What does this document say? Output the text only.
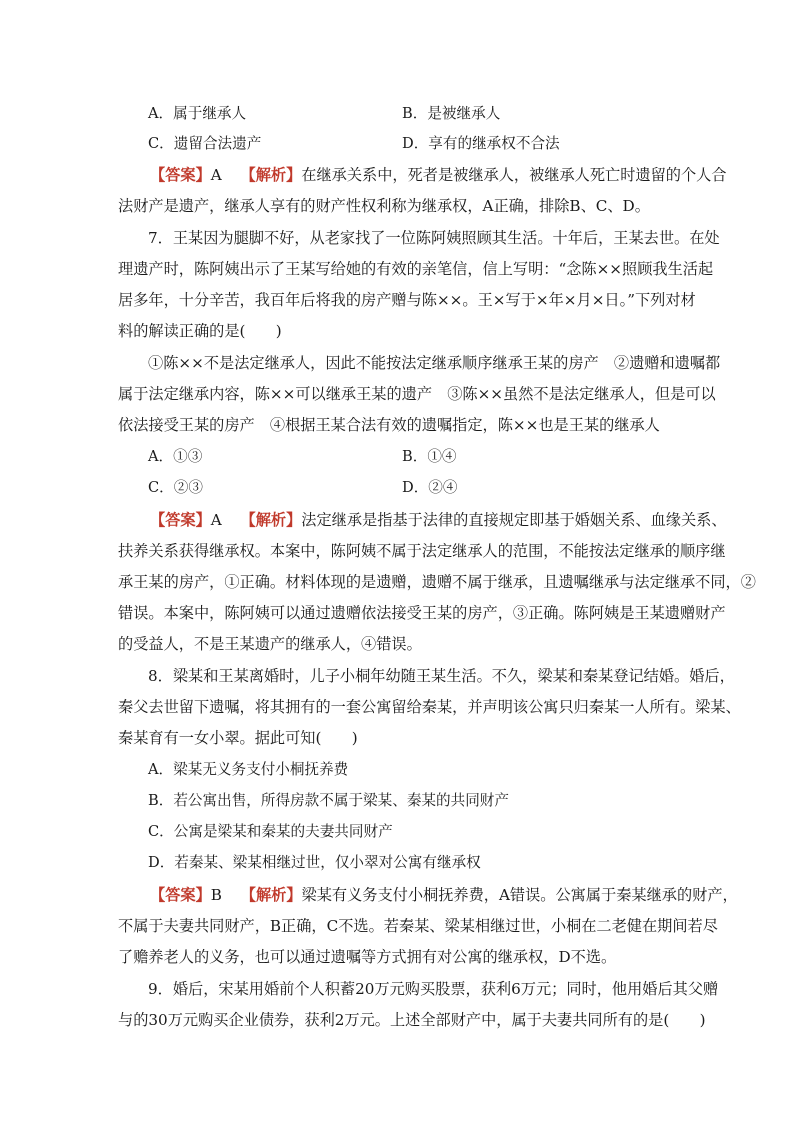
A．属于继承人	B．是被继承人
C．遗留合法遗产	D．享有的继承权不合法
【答案】A 【解析】在继承关系中，死者是被继承人，被继承人死亡时遗留的个人合
法财产是遗产，继承人享有的财产性权利称为继承权，A正确，排除B、C、D。
7．王某因为腿脚不好，从老家找了一位陈阿姨照顾其生活。十年后，王某去世。在处
理遗产时，陈阿姨出示了王某写给她的有效的亲笔信，信上写明：“念陈××照顾我生活起
居多年，十分辛苦，我百年后将我的房产赠与陈××。王×写于×年×月×日。”下列对材
料的解读正确的是(　　)
①陈××不是法定继承人，因此不能按法定继承顺序继承王某的房产　②遗赠和遗嘱都
属于法定继承内容，陈××可以继承王某的遗产　③陈××虽然不是法定继承人，但是可以
依法接受王某的房产　④根据王某合法有效的遗嘱指定，陈××也是王某的继承人
A．①③	B．①④
C．②③	D．②④
【答案】A 【解析】法定继承是指基于法律的直接规定即基于婚姻关系、血缘关系、
扶养关系获得继承权。本案中，陈阿姨不属于法定继承人的范围，不能按法定继承的顺序继
承王某的房产，①正确。材料体现的是遗赠，遗赠不属于继承，且遗嘱继承与法定继承不同，②
错误。本案中，陈阿姨可以通过遗赠依法接受王某的房产，③正确。陈阿姨是王某遗赠财产
的受益人，不是王某遗产的继承人，④错误。
8．梁某和王某离婚时，儿子小桐年幼随王某生活。不久，梁某和秦某登记结婚。婚后，
秦父去世留下遗嘱，将其拥有的一套公寓留给秦某，并声明该公寓只归秦某一人所有。梁某、
秦某育有一女小翠。据此可知(　　)
A．梁某无义务支付小桐抚养费
B．若公寓出售，所得房款不属于梁某、秦某的共同财产
C．公寓是梁某和秦某的夫妻共同财产
D．若秦某、梁某相继过世，仅小翠对公寓有继承权
【答案】B 【解析】梁某有义务支付小桐抚养费，A错误。公寓属于秦某继承的财产，
不属于夫妻共同财产，B正确，C不选。若秦某、梁某相继过世，小桐在二老健在期间若尽
了赡养老人的义务，也可以通过遗嘱等方式拥有对公寓的继承权，D不选。
9．婚后，宋某用婚前个人积蓄20万元购买股票，获利6万元；同时，他用婚后其父赠
与的30万元购买企业债券，获利2万元。上述全部财产中，属于夫妻共同所有的是(　　)
